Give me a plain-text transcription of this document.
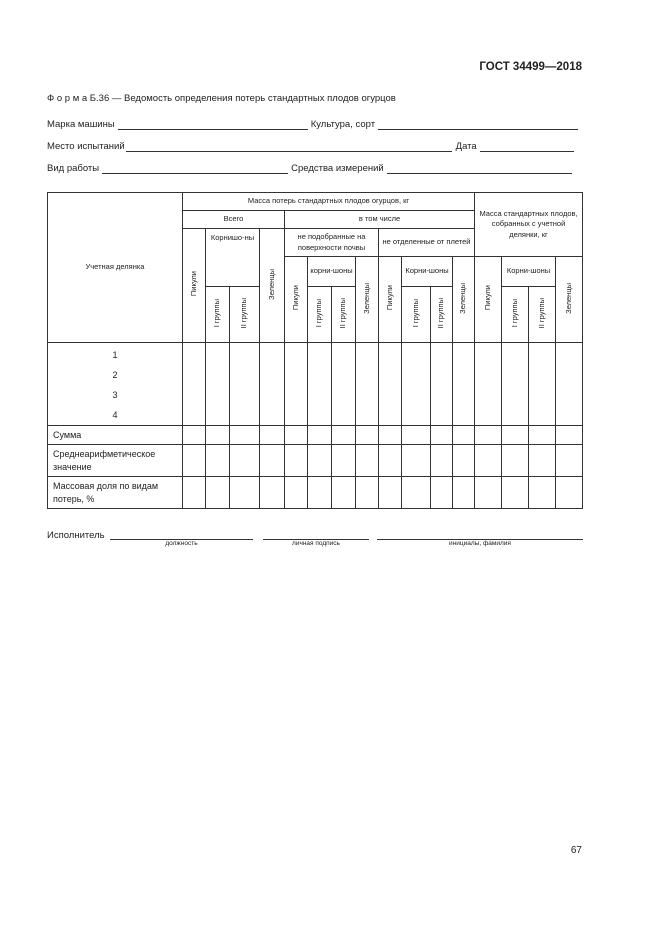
ГОСТ 34499—2018
Ф о р м а Б.36 — Ведомость определения потерь стандартных плодов огурцов
Марка машины	Культура, сорт
Место испытаний	Дата
Вид работы	Средства измерений
Учетная делянка	Масса потерь стандартных плодов огурцов, кг												Масса стандартных плодов, собранных с учетной делянки, кг			
	Всего				в том числе											
	Пикули	Корнишо-ны		Зеленцы	не подобранные на поверхности почвы				не отделенные от плетей							
					Пикули	корни-шоны		Зеленцы	Пикули	Корни-шоны		Зеленцы	Пикули	Корни-шоны		Зеленцы
		I группы	II группы			I группы	II группы			I группы	II группы			I группы	II группы	

1
2
3
4																

Сумма																
Среднеарифметическое значение																
Массовая доля по видам потерь, %																
Исполнитель
должность	личная подпись	инициалы, фамилия
67
